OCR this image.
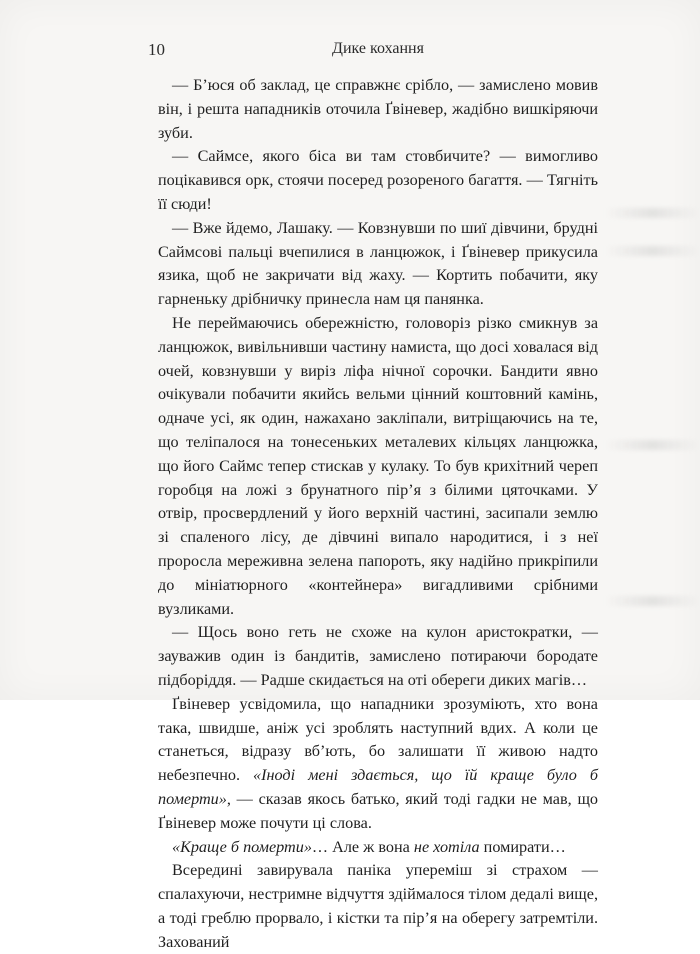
10	Дике кохання

— Б’юся об заклад, це справжнє срібло, — замислено мовив він, і решта нападників оточила Ґвіневер, жадібно вишкіряючи зуби.

— Саймсе, якого біса ви там стовбичите? — вимогливо поцікавився орк, стоячи посеред розореного багаття. — Тягніть її сюди!

— Вже йдемо, Лашаку. — Ковзнувши по шиї дівчини, брудні Саймсові пальці вчепилися в ланцюжок, і Ґвіневер прикусила язика, щоб не закричати від жаху. — Кортить побачити, яку гарненьку дрібничку принесла нам ця панянка.

Не переймаючись обережністю, головоріз різко смикнув за ланцюжок, вивільнивши частину намиста, що досі ховалася від очей, ковзнувши у виріз ліфа нічної сорочки. Бандити явно очікували побачити якийсь вельми цінний коштовний камінь, одначе усі, як один, нажахано закліпали, витріщаючись на те, що теліпалося на тонесеньких металевих кільцях ланцюжка, що його Саймс тепер стискав у кулаку. То був крихітний череп горобця на ложі з брунатного пір’я з білими цяточками. У отвір, просвердлений у його верхній частині, засипали землю зі спаленого лісу, де дівчині випало народитися, і з неї проросла мереживна зелена папороть, яку надійно прикріпили до мініатюрного «контейнера» вигадливими срібними вузликами.

— Щось воно геть не схоже на кулон аристократки, — зауважив один із бандитів, замислено потираючи бородате підборіддя. — Радше скидається на оті обереги диких магів…

Ґвіневер усвідомила, що нападники зрозуміють, хто вона така, швидше, аніж усі зроблять наступний вдих. А коли це станеться, відразу вб’ють, бо залишати її живою надто небезпечно. «Іноді мені здається, що їй краще було б померти», — сказав якось батько, який тоді гадки не мав, що Ґвіневер може почути ці слова.

«Краще б померти»… Але ж вона не хотіла помирати…

Всередині завирувала паніка упереміш зі страхом — спалахуючи, нестримне відчуття здіймалося тілом дедалі вище, а тоді греблю прорвало, і кістки та пір’я на оберегу затремтіли. Захований
